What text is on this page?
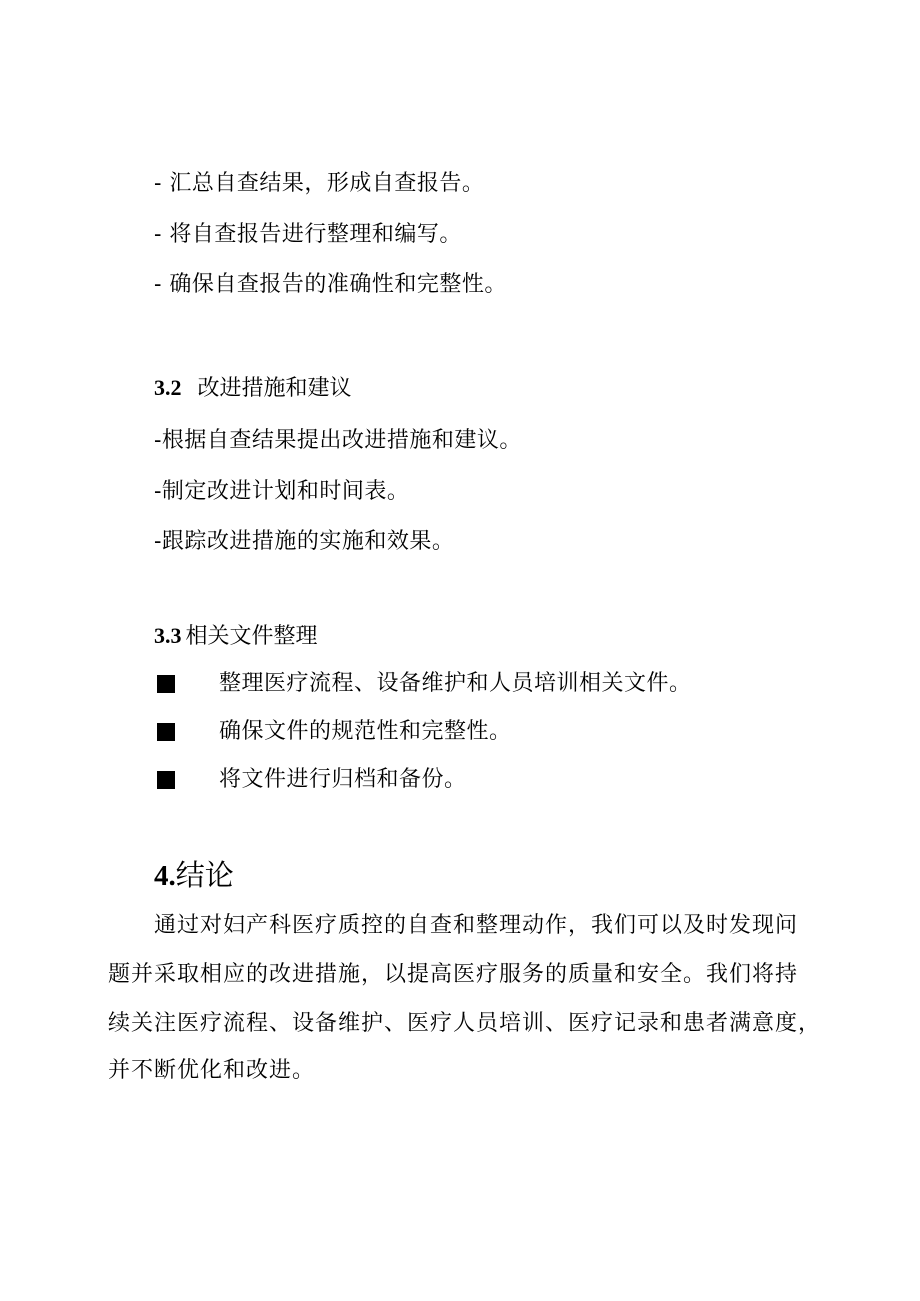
- 汇总自查结果，形成自查报告。
- 将自查报告进行整理和编写。
- 确保自查报告的准确性和完整性。
3.2 改进措施和建议
-根据自查结果提出改进措施和建议。
-制定改进计划和时间表。
-跟踪改进措施的实施和效果。
3.3 相关文件整理
整理医疗流程、设备维护和人员培训相关文件。
确保文件的规范性和完整性。
将文件进行归档和备份。
4.结论
通过对妇产科医疗质控的自查和整理动作，我们可以及时发现问
题并采取相应的改进措施，以提高医疗服务的质量和安全。我们将持
续关注医疗流程、设备维护、医疗人员培训、医疗记录和患者满意度，
并不断优化和改进。
